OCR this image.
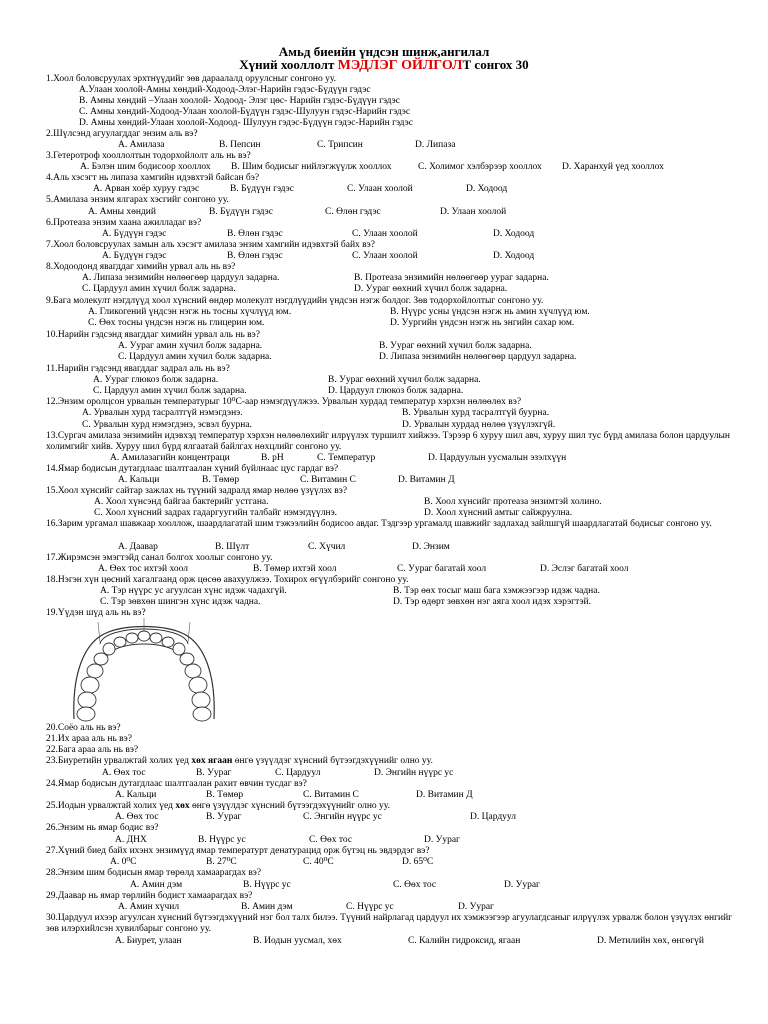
Амьд биеийн үндсэн шинж,ангилал
Хүний хооллолт МЭДЛЭГ ОЙЛГОЛТ сонгох 30
1.Хоол боловсруулах эрхтнүүдийг зөв дараалалд оруулсныг сонгоно уу.
А.Улаан хоолой-Амны хөндий-Ходоод-Элэг-Нарийн гэдэс-Бүдүүн гэдэс
В. Амны хөндий –Улаан хоолой- Ходоод- Элэг цөс- Нарийн гэдэс-Бүдүүн гэдэс
С. Амны хөндий-Ходоод-Улаан хоолой-Бүдүүн гэдэс-Шулуун гэдэс-Нарийн гэдэс
D. Амны хөндий-Улаан хоолой-Ходоод- Шулуун гэдэс-Бүдүүн гэдэс-Нарийн гэдэс
2.Шүлсэнд агуулагддаг энзим аль вэ?
А. Амилаза	В. Пепсин	С. Трипсин	D. Липаза
3.Гетеротроф хооллолтын тодорхойлолт аль нь вэ?
А. Бэлэн шим бодисоор хооллох В. Шим бодисыг нийлэгжүүлж хооллох	С. Холимог хэлбэрээр хооллох D. Харанхуй үед хооллох
4.Аль хэсэгт нь липаза хамгийн идэвхтэй байсан бэ?
А. Арван хоёр хуруу гэдэс	В. Бүдүүн гэдэс	С. Улаан хоолой	D. Ходоод
5.Амилаза энзим ялгарах хэсгийг сонгоно уу.
А. Амны хөндий	В. Бүдүүн гэдэс	С. Өлөн гэдэс	D. Улаан хоолой
6.Протеаза энзим хаана ажилладаг вэ?
А. Бүдүүн гэдэс	В. Өлөн гэдэс	С. Улаан хоолой	D. Ходоод
7.Хоол боловсруулах замын аль хэсэгт амилаза энзим хамгийн идэвхтэй байх вэ?
А. Бүдүүн гэдэс	В. Өлөн гэдэс	С. Улаан хоолой	D. Ходоод
8.Ходоодонд явагддаг химийн урвал аль нь вэ?
А. Липаза энзимийн нөлөөгөөр цардуул задарна.	В. Протеаза энзимийн нөлөөгөөр уураг задарна.
С. Цардуул амин хүчил болж задарна.	D. Уураг өөхний хүчил болж задарна.
9.Бага молекулт нэгдлүүд хоол хүнсний өндөр молекулт нэгдлүүдийн үндсэн нэгж болдог. Зөв тодорхойлолтыг сонгоно уу.
А. Гликогений үндсэн нэгж нь тосны хүчлүүд юм.	В. Нүүрс усны үндсэн нэгж нь амин хүчлүүд юм.
С. Өөх тосны үндсэн нэгж нь глицерин юм.	D. Уургийн үндсэн нэгж нь энгийн сахар юм.
10.Нарийн гэдсэнд явагддаг химийн урвал аль нь вэ?
А. Уураг амин хүчил болж задарна.	В. Уураг өөхний хүчил болж задарна.
С. Цардуул амин хүчил болж задарна.	D. Липаза энзимийн нөлөөгөөр цардуул задарна.
11.Нарийн гэдсэнд явагддаг задрал аль нь вэ?
А. Уураг глюкоз болж задарна.	В. Уураг өөхний хүчил болж задарна.
С. Цардуул амин хүчил болж задарна.	D. Цардуул глюкоз болж задарна.
12.Энзим оролцсон урвалын температурыг 10⁰С-аар нэмэгдүүлжээ. Урвалын хурдад температур хэрхэн нөлөөлөх вэ?
А. Урвалын хурд тасралтгүй нэмэгдэнэ.	В. Урвалын хурд тасралтгүй буурна.
С. Урвалын хурд нэмэгдэнэ, эсвэл буурна.	D. Урвалын хурдад нөлөө үзүүлэхгүй.
13.Сургач амилаза энзимийн идэвхэд температур хэрхэн нөлөөлөхийг илрүүлэх туршилт хийжээ. Тэрээр 6 хуруу шил авч, хуруу шил тус бүрд амилаза болон цардуулын холимгийг хийв. Хуруу шил бүрд ялгаатай байлгах нөхцлийг сонгоно уу.
А. Амилазагийн концентраци	В. pH	С. Температур	D. Цардуулын уусмалын эзэлхүүн
14.Ямар бодисын дутагдлаас шалтгаалан хүний бүйлнаас цус гардаг вэ?
А. Кальци	В. Төмөр	С. Витамин С	D. Витамин Д
15.Хоол хүнсийг сайтар зажлах нь түүний задралд ямар нөлөө үзүүлэх вэ?
А. Хоол хүнсэнд байгаа бактерийг устгана.	В. Хоол хүнсийг протеаза энзимтэй холино.
С. Хоол хүнсний задрах гадаргуугийн талбайг нэмэгдүүлнэ.	D. Хоол хүнсний амтыг сайжруулна.
16.Зарим ургамал шавжаар хооллож, шаардлагатай шим тэжээлийн бодисоо авдаг. Тэдгээр ургамалд шавжийг задлахад зайлшгүй шаардлагатай бодисыг сонгоно уу.
А. Даавар	В. Шүлт	С. Хүчил	D. Энзим
17.Жирэмсэн эмэгтэйд санал болгох хоолыг сонгоно уу.
А. Өөх тос ихтэй хоол	В. Төмөр ихтэй хоол	С. Уураг багатай хоол	D. Эслэг багатай хоол
18.Нэгэн хүн цөсний хагалгаанд орж цөсөө авахуулжээ. Тохирох өгүүлбэрийг сонгоно уу.
А. Тэр нүүрс ус агуулсан хүнс идэж чадахгүй.	В. Тэр өөх тосыг маш бага хэмжээгээр идэж чадна.
С. Тэр зөвхөн шингэн хүнс идэж чадна.	D. Тэр өдөрт зөвхөн нэг аяга хоол идэх хэрэгтэй.
19.Үүдэн шүд аль нь вэ?
20.Соёо аль нь вэ?
21.Их араа аль нь вэ?
22.Бага араа аль нь вэ?
23.Биуретийн урвалжтай холих үед хөх ягаан өнгө үзүүлдэг хүнсний бүтээгдэхүүнийг олно уу.
А. Өөх тос	В. Уураг	С. Цардуул	D. Энгийн нүүрс ус
24.Ямар бодисын дутагдлаас шалтгаалан рахит өвчин тусдаг вэ?
А. Кальци	В. Төмөр	С. Витамин С	D. Витамин Д
25.Иодын урвалжтай холих үед хөх өнгө үзүүлдэг хүнсний бүтээгдэхүүнийг олно уу.
А. Өөх тос	В. Уураг	С. Энгийн нүүрс ус	D. Цардуул
26.Энзим нь ямар бодис вэ?
А. ДНХ	В. Нүүрс ус	С. Өөх тос	D. Уураг
27.Хүний биед байх ихэнх энзимүүд ямар температурт денатурацид орж бүтэц нь эвдэрдэг вэ?
А. 0⁰С	В. 27⁰С	С. 40⁰С	D. 65⁰С
28.Энзим шим бодисын ямар төрөлд хамаарагдах вэ?
А. Амин дэм	В. Нүүрс ус	С. Өөх тос	D. Уураг
29.Даавар нь ямар төрлийн бодист хамаарагдах вэ?
А. Амин хүчил	В. Амин дэм	С. Нүүрс ус	D. Уураг
30.Цардуул ихээр агуулсан хүнсний бүтээгдэхүүний нэг бол талх билээ. Түүний найрлагад цардуул их хэмжээгээр агуулагдсаныг илрүүлэх урвалж болон үзүүлэх өнгийг зөв илэрхийлсэн хувилбарыг сонгоно уу.
А. Биурет, улаан	В. Иодын уусмал, хөх	С. Калийн гидроксид, ягаан	D. Метилийн хөх, өнгөгүй
